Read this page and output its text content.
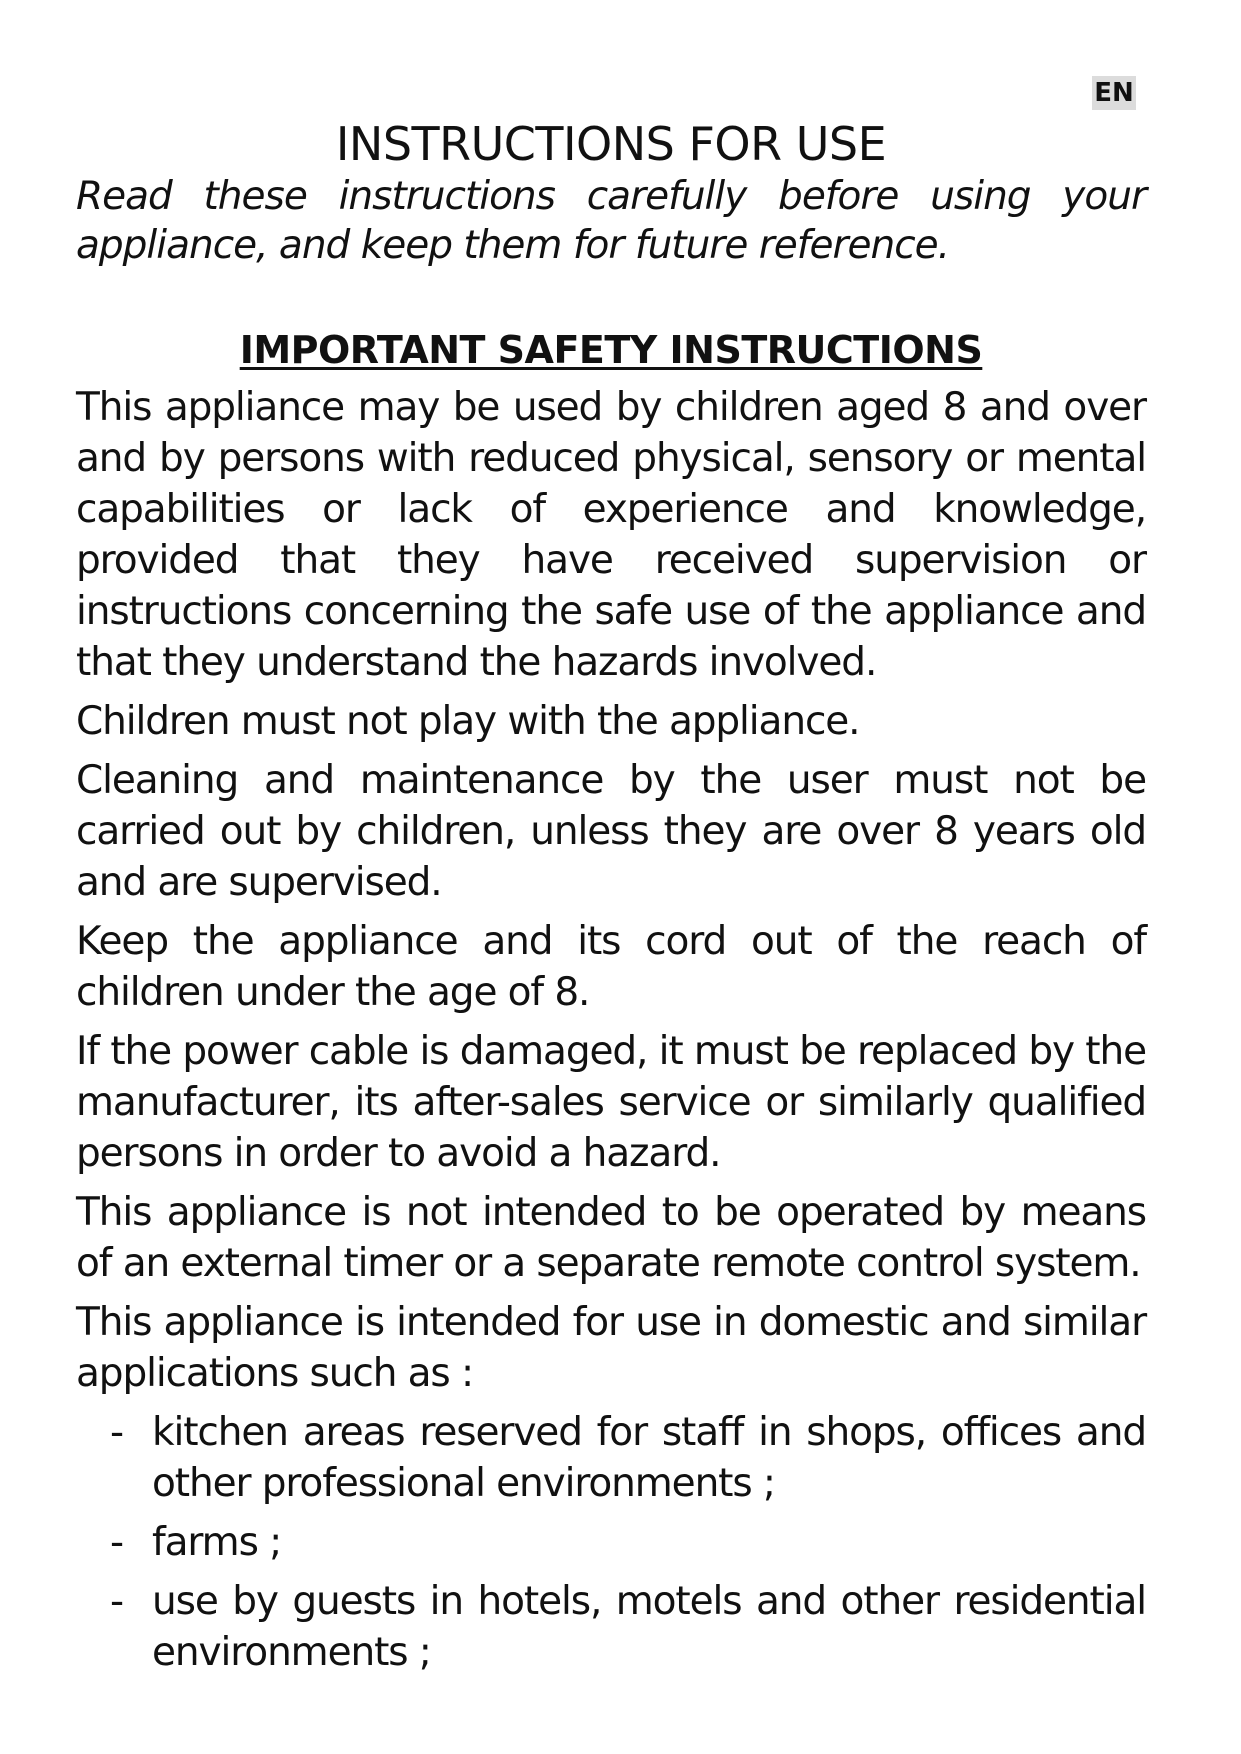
EN
INSTRUCTIONS FOR USE

Read these instructions carefully before using your appliance, and keep them for future reference.

IMPORTANT SAFETY INSTRUCTIONS

This appliance may be used by children aged 8 and over and by persons with reduced physical, sensory or mental capabilities or lack of experience and knowledge, provided that they have received supervision or instructions concerning the safe use of the appliance and that they understand the hazards involved.

Children must not play with the appliance.

Cleaning and maintenance by the user must not be carried out by children, unless they are over 8 years old and are supervised.

Keep the appliance and its cord out of the reach of children under the age of 8.

If the power cable is damaged, it must be replaced by the manufacturer, its after-sales service or similarly qualified persons in order to avoid a hazard.

This appliance is not intended to be operated by means of an external timer or a separate remote control system.

This appliance is intended for use in domestic and similar applications such as :

- kitchen areas reserved for staff in shops, offices and other professional environments ;
- farms ;
- use by guests in hotels, motels and other residential environments ;
